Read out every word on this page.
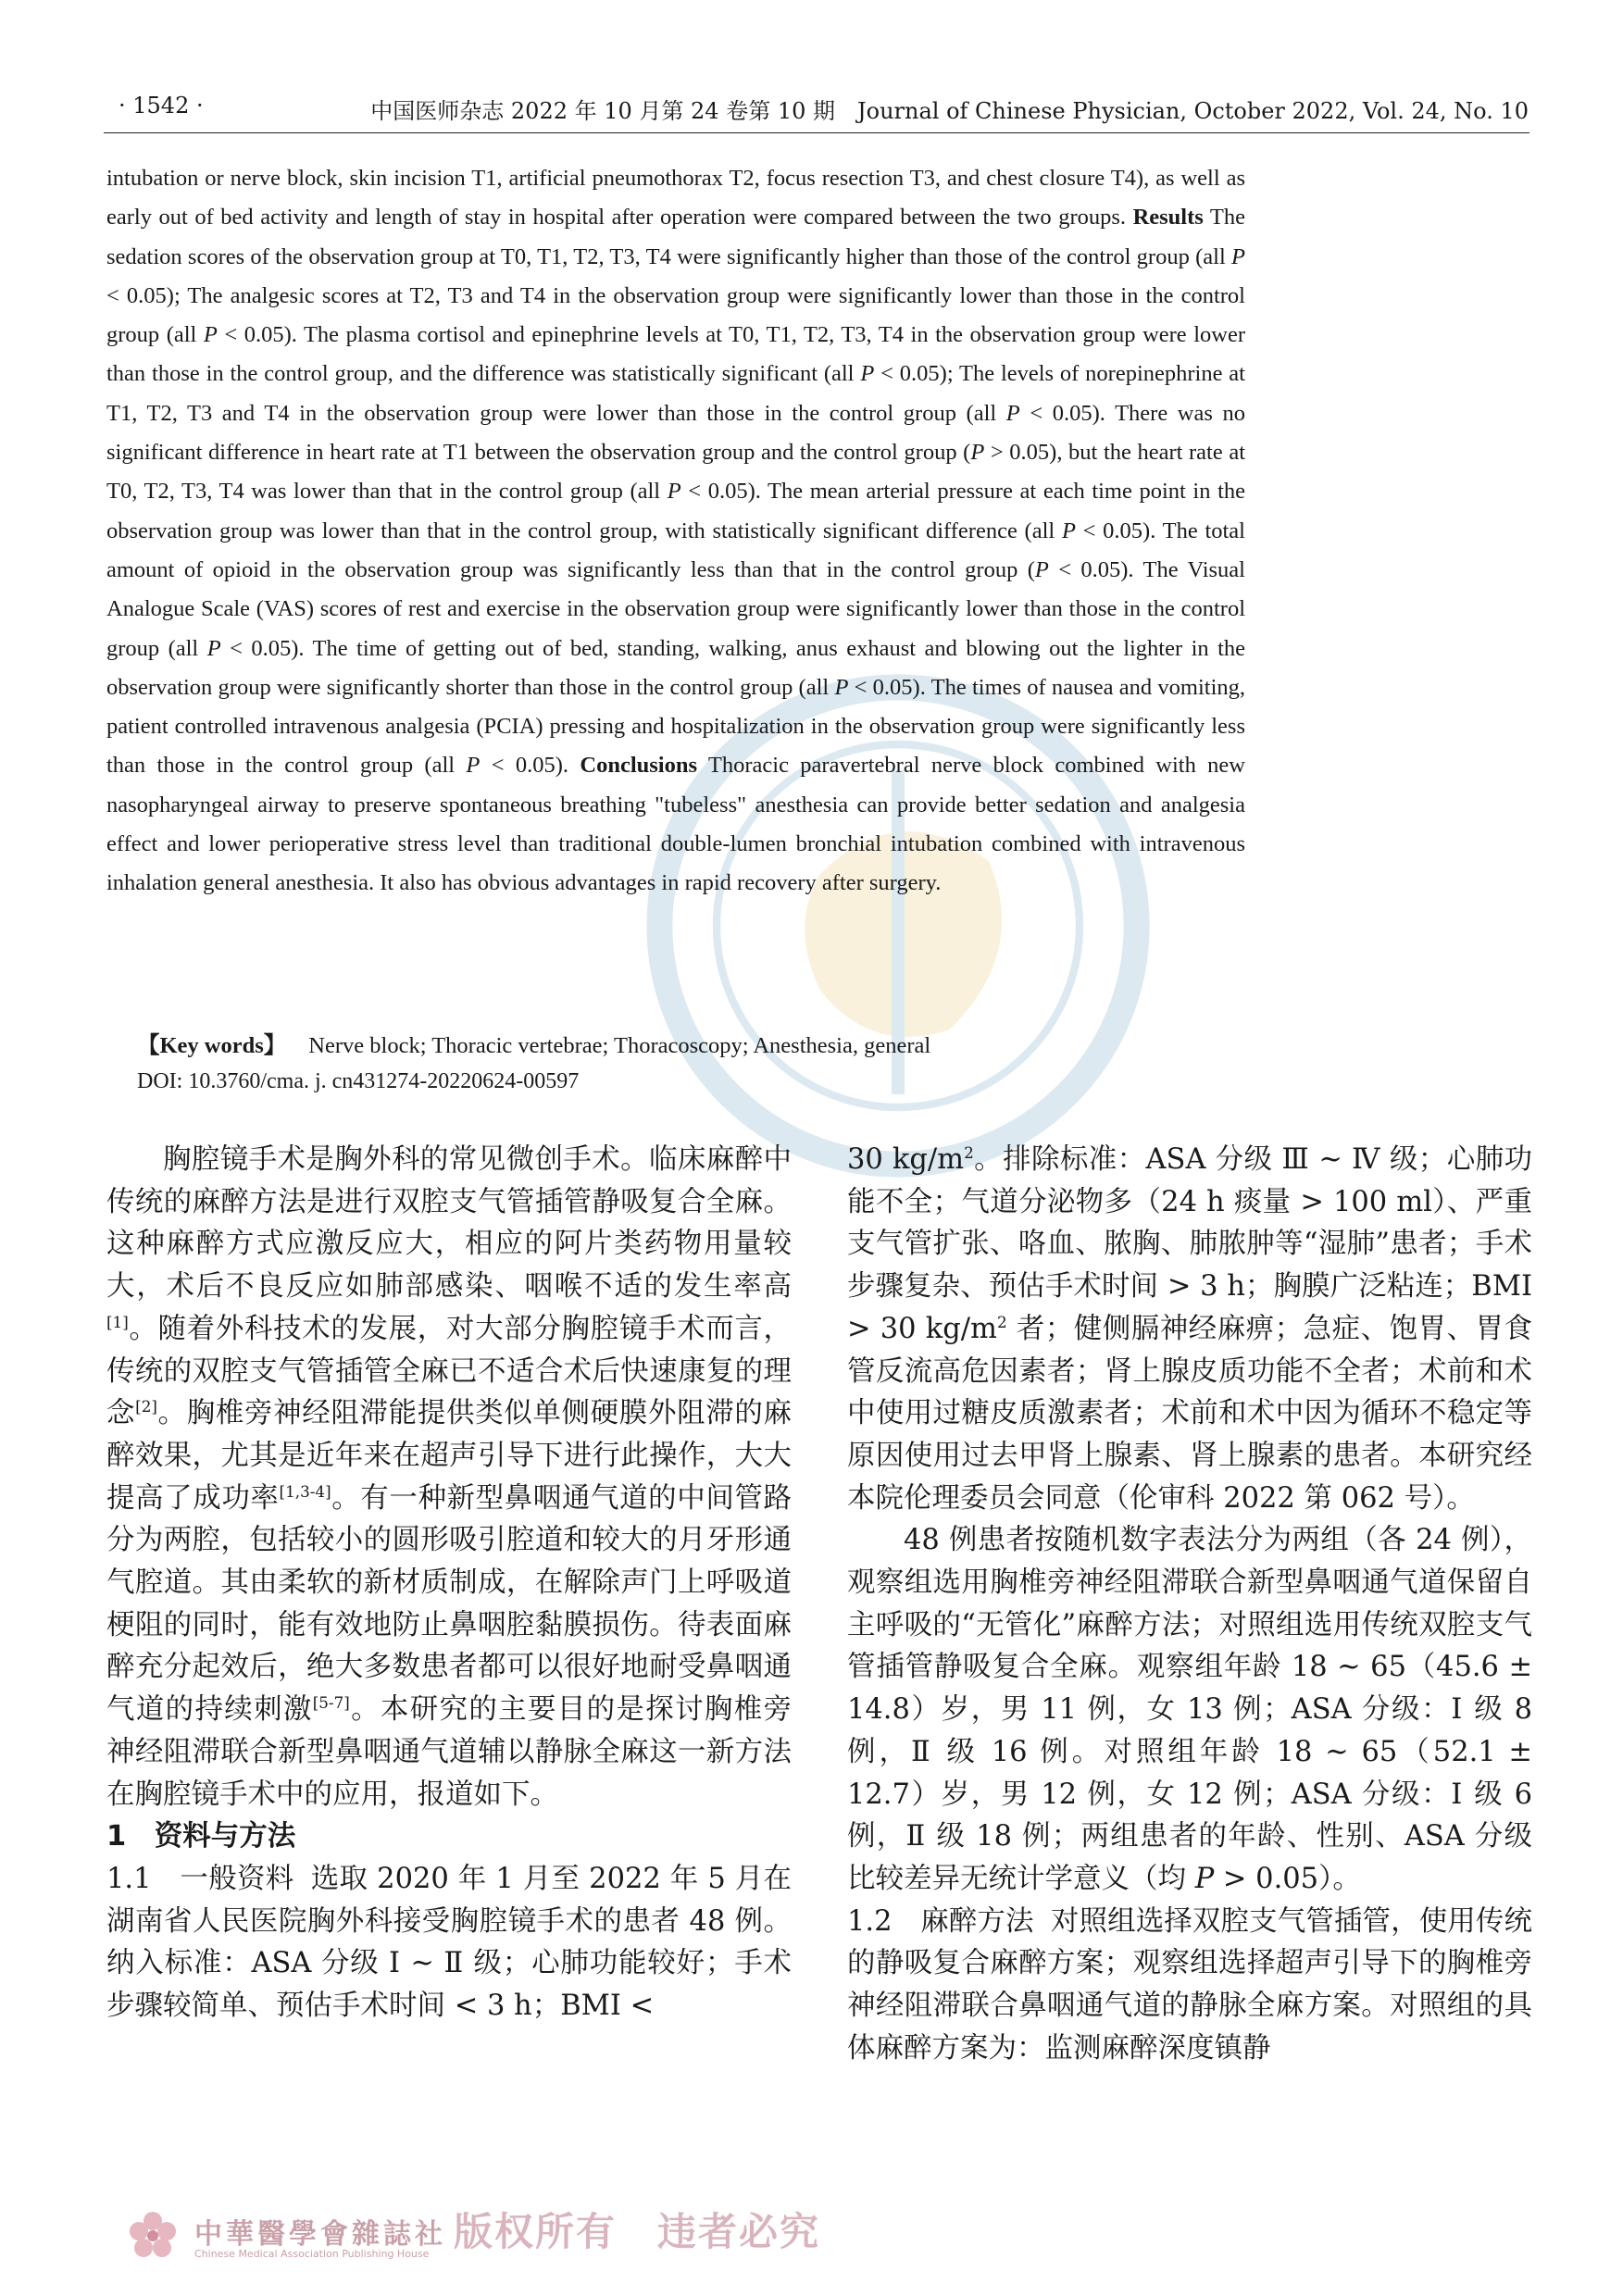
· 1542 ·	中国医师杂志 2022 年 10 月第 24 卷第 10 期　Journal of Chinese Physician, October 2022, Vol. 24, No. 10
intubation or nerve block, skin incision T1, artificial pneumothorax T2, focus resection T3, and chest closure T4), as well as early out of bed activity and length of stay in hospital after operation were compared between the two groups. Results The sedation scores of the observation group at T0, T1, T2, T3, T4 were significantly higher than those of the control group (all P < 0.05); The analgesic scores at T2, T3 and T4 in the observation group were significantly lower than those in the control group (all P < 0.05). The plasma cortisol and epinephrine levels at T0, T1, T2, T3, T4 in the observation group were lower than those in the control group, and the difference was statistically significant (all P < 0.05); The levels of norepinephrine at T1, T2, T3 and T4 in the observation group were lower than those in the control group (all P < 0.05). There was no significant difference in heart rate at T1 between the observation group and the control group (P > 0.05), but the heart rate at T0, T2, T3, T4 was lower than that in the control group (all P < 0.05). The mean arterial pressure at each time point in the observation group was lower than that in the control group, with statistically significant difference (all P < 0.05). The total amount of opioid in the observation group was significantly less than that in the control group (P < 0.05). The Visual Analogue Scale (VAS) scores of rest and exercise in the observation group were significantly lower than those in the control group (all P < 0.05). The time of getting out of bed, standing, walking, anus exhaust and blowing out the lighter in the observation group were significantly shorter than those in the control group (all P < 0.05). The times of nausea and vomiting, patient controlled intravenous analgesia (PCIA) pressing and hospitalization in the observation group were significantly less than those in the control group (all P < 0.05). Conclusions Thoracic paravertebral nerve block combined with new nasopharyngeal airway to preserve spontaneous breathing "tubeless" anesthesia can provide better sedation and analgesia effect and lower perioperative stress level than traditional double-lumen bronchial intubation combined with intravenous inhalation general anesthesia. It also has obvious advantages in rapid recovery after surgery.
【Key words】 Nerve block; Thoracic vertebrae; Thoracoscopy; Anesthesia, general
DOI: 10.3760/cma. j. cn431274-20220624-00597

胸腔镜手术是胸外科的常见微创手术。临床麻醉中传统的麻醉方法是进行双腔支气管插管静吸复合全麻。这种麻醉方式应激反应大，相应的阿片类药物用量较大，术后不良反应如肺部感染、咽喉不适的发生率高[1]。随着外科技术的发展，对大部分胸腔镜手术而言，传统的双腔支气管插管全麻已不适合术后快速康复的理念[2]。胸椎旁神经阻滞能提供类似单侧硬膜外阻滞的麻醉效果，尤其是近年来在超声引导下进行此操作，大大提高了成功率[1,3-4]。有一种新型鼻咽通气道的中间管路分为两腔，包括较小的圆形吸引腔道和较大的月牙形通气腔道。其由柔软的新材质制成，在解除声门上呼吸道梗阻的同时，能有效地防止鼻咽腔黏膜损伤。待表面麻醉充分起效后，绝大多数患者都可以很好地耐受鼻咽通气道的持续刺激[5-7]。本研究的主要目的是探讨胸椎旁神经阻滞联合新型鼻咽通气道辅以静脉全麻这一新方法在胸腔镜手术中的应用，报道如下。

1　资料与方法

1.1　一般资料 选取 2020 年 1 月至 2022 年 5 月在湖南省人民医院胸外科接受胸腔镜手术的患者 48 例。纳入标准：ASA 分级 Ⅰ ~ Ⅱ 级；心肺功能较好；手术步骤较简单、预估手术时间 < 3 h；BMI <

30 $kg/m^2$。排除标准：ASA 分级 Ⅲ ~ Ⅳ 级；心肺功能不全；气道分泌物多（24 h 痰量 > 100 ml）、严重支气管扩张、咯血、脓胸、肺脓肿等“湿肺”患者；手术步骤复杂、预估手术时间 > 3 h；胸膜广泛粘连；BMI > 30 $kg/m^2$ 者；健侧膈神经麻痹；急症、饱胃、胃食管反流高危因素者；肾上腺皮质功能不全者；术前和术中使用过糖皮质激素者；术前和术中因为循环不稳定等原因使用过去甲肾上腺素、肾上腺素的患者。本研究经本院伦理委员会同意（伦审科 2022 第 062 号）。

48 例患者按随机数字表法分为两组（各 24 例），观察组选用胸椎旁神经阻滞联合新型鼻咽通气道保留自主呼吸的“无管化”麻醉方法；对照组选用传统双腔支气管插管静吸复合全麻。观察组年龄 18 ~ 65（45.6 ± 14.8）岁，男 11 例，女 13 例；ASA 分级：Ⅰ 级 8 例，Ⅱ 级 16 例。对照组年龄 18 ~ 65（52.1 ± 12.7）岁，男 12 例，女 12 例；ASA 分级：Ⅰ 级 6 例，Ⅱ 级 18 例；两组患者的年龄、性别、ASA 分级比较差异无统计学意义（均 P > 0.05）。

1.2　麻醉方法 对照组选择双腔支气管插管，使用传统的静吸复合麻醉方案；观察组选择超声引导下的胸椎旁神经阻滞联合鼻咽通气道的静脉全麻方案。对照组的具体麻醉方案为：监测麻醉深度镇静

中華醫學會雜誌社
Chinese Medical Association Publishing House 版权所有　违者必究
